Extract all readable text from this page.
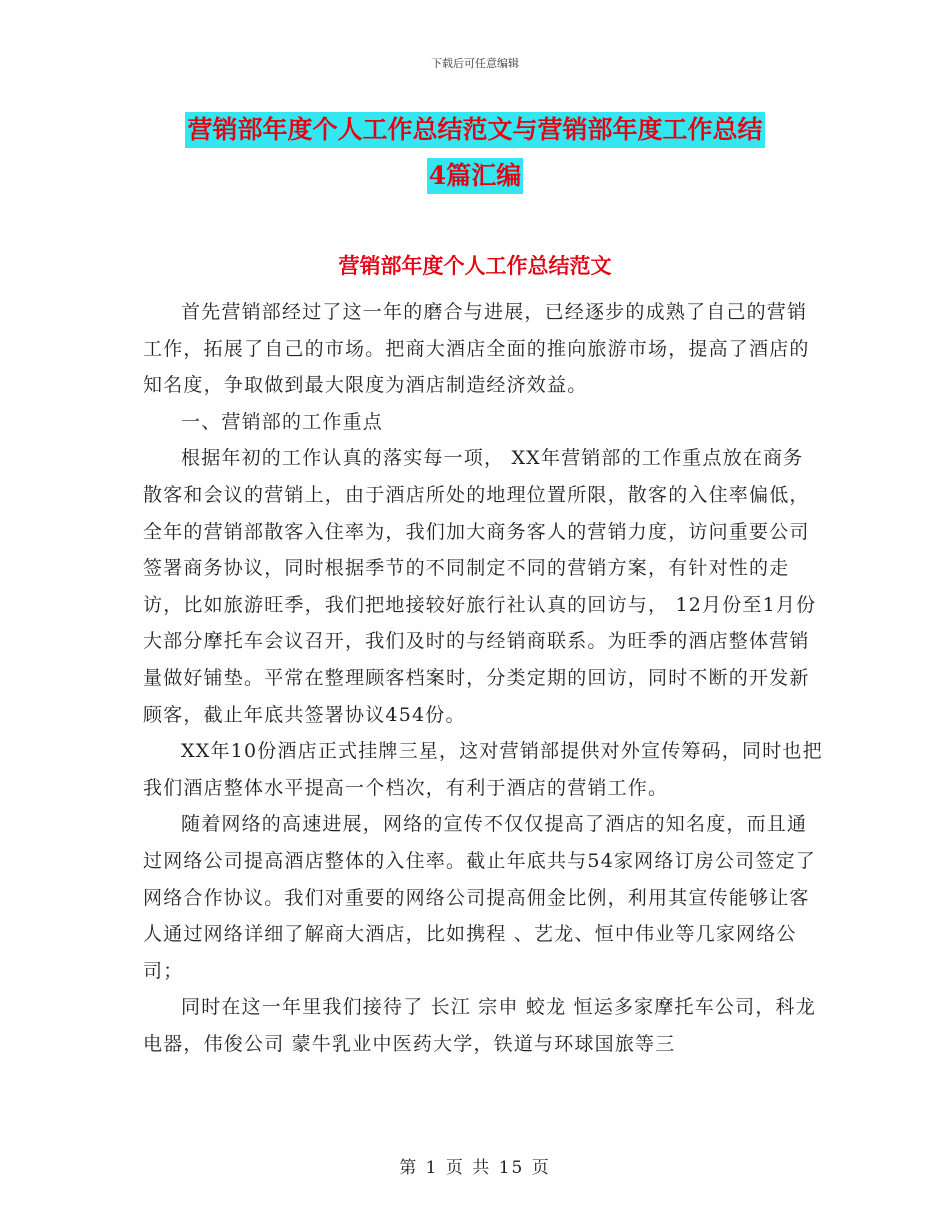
下载后可任意编辑
营销部年度个人工作总结范文与营销部年度工作总结
4篇汇编
营销部年度个人工作总结范文

首先营销部经过了这一年的磨合与进展，已经逐步的成熟了自己的营销工作，拓展了自己的市场。把商大酒店全面的推向旅游市场，提高了酒店的知名度，争取做到最大限度为酒店制造经济效益。

一、营销部的工作重点

根据年初的工作认真的落实每一项， XX年营销部的工作重点放在商务散客和会议的营销上，由于酒店所处的地理位置所限，散客的入住率偏低，全年的营销部散客入住率为，我们加大商务客人的营销力度，访问重要公司签署商务协议，同时根据季节的不同制定不同的营销方案，有针对性的走访，比如旅游旺季，我们把地接较好旅行社认真的回访与， 12月份至1月份大部分摩托车会议召开，我们及时的与经销商联系。为旺季的酒店整体营销量做好铺垫。平常在整理顾客档案时，分类定期的回访，同时不断的开发新顾客，截止年底共签署协议454份。

XX年10份酒店正式挂牌三星，这对营销部提供对外宣传筹码，同时也把我们酒店整体水平提高一个档次，有利于酒店的营销工作。

随着网络的高速进展，网络的宣传不仅仅提高了酒店的知名度，而且通过网络公司提高酒店整体的入住率。截止年底共与54家网络订房公司签定了网络合作协议。我们对重要的网络公司提高佣金比例，利用其宣传能够让客人通过网络详细了解商大酒店，比如携程 、艺龙、恒中伟业等几家网络公司；

同时在这一年里我们接待了 长江 宗申 蛟龙 恒运多家摩托车公司，科龙电器，伟俊公司 蒙牛乳业中医药大学，铁道与环球国旅等三

第 1 页 共 15 页
